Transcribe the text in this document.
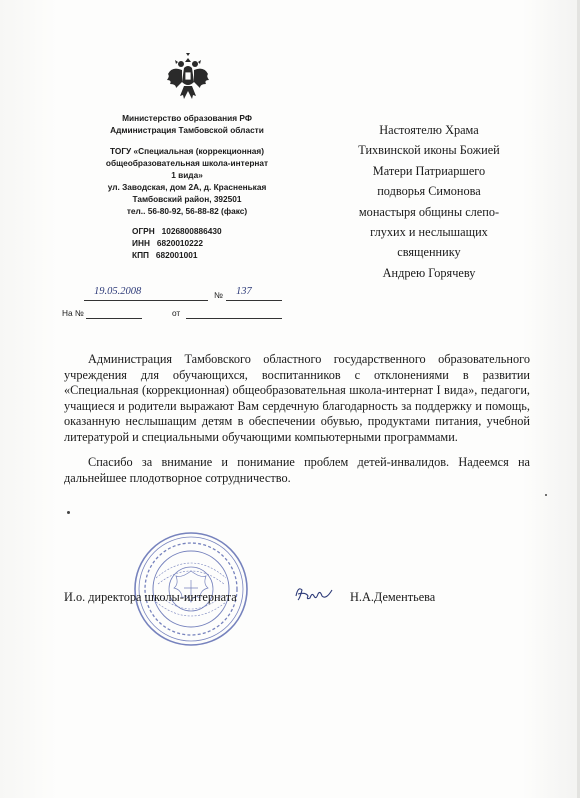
Министерство образования РФ
Администрация Тамбовской области
ТОГУ «Специальная (коррекционная)
общеобразовательная школа-интернат
1 вида»
ул. Заводская, дом 2А, д. Красненькая
Тамбовский район, 392501
тел.. 56-80-92, 56-88-82 (факс)
ОГРН   1026800886430
ИНН   6820010222
КПП   682001001
19.05.2008	№ 137
На №	от
Настоятелю Храма
Тихвинской иконы Божией
Матери Патриаршего
подворья Симонова
монастыря общины слепо-
глухих и неслышащих
священнику
Андрею Горячеву

Администрация Тамбовского областного государственного образовательного учреждения для обучающихся, воспитанников с отклонениями в развитии «Специальная (коррекционная) общеобразовательная школа-интернат I вида», педагоги, учащиеся и родители выражают Вам сердечную благодарность за поддержку и помощь, оказанную неслышащим детям в обеспечении обувью, продуктами питания, учебной литературой и специальными обучающими компьютерными программами.

Спасибо за внимание и понимание проблем детей-инвалидов. Надеемся на дальнейшее плодотворное сотрудничество.

И.о. директора школы-интерната	Н.А.Дементьева
